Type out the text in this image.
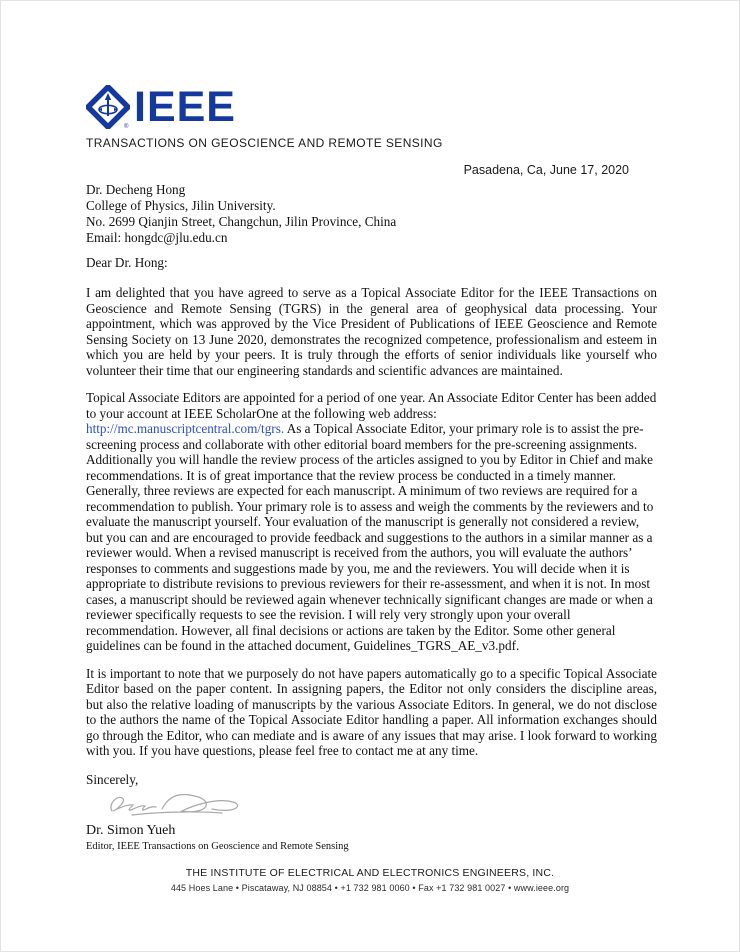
® IEEE
TRANSACTIONS ON GEOSCIENCE AND REMOTE SENSING
Pasadena, Ca, June 17, 2020
Dr. Decheng Hong
College of Physics, Jilin University.
No. 2699 Qianjin Street, Changchun, Jilin Province, China
Email: hongdc@jlu.edu.cn

Dear Dr. Hong:

I am delighted that you have agreed to serve as a Topical Associate Editor for the IEEE Transactions on Geoscience and Remote Sensing (TGRS) in the general area of geophysical data processing. Your appointment, which was approved by the Vice President of Publications of IEEE Geoscience and Remote Sensing Society on 13 June 2020, demonstrates the recognized competence, professionalism and esteem in which you are held by your peers. It is truly through the efforts of senior individuals like yourself who volunteer their time that our engineering standards and scientific advances are maintained.

Topical Associate Editors are appointed for a period of one year. An Associate Editor Center has been added to your account at IEEE ScholarOne at the following web address:
http://mc.manuscriptcentral.com/tgrs. As a Topical Associate Editor, your primary role is to assist the pre-screening process and collaborate with other editorial board members for the pre-screening assignments. Additionally you will handle the review process of the articles assigned to you by Editor in Chief and make recommendations. It is of great importance that the review process be conducted in a timely manner. Generally, three reviews are expected for each manuscript. A minimum of two reviews are required for a recommendation to publish. Your primary role is to assess and weigh the comments by the reviewers and to evaluate the manuscript yourself. Your evaluation of the manuscript is generally not considered a review, but you can and are encouraged to provide feedback and suggestions to the authors in a similar manner as a reviewer would. When a revised manuscript is received from the authors, you will evaluate the authors’ responses to comments and suggestions made by you, me and the reviewers. You will decide when it is appropriate to distribute revisions to previous reviewers for their re-assessment, and when it is not. In most cases, a manuscript should be reviewed again whenever technically significant changes are made or when a reviewer specifically requests to see the revision. I will rely very strongly upon your overall recommendation. However, all final decisions or actions are taken by the Editor. Some other general guidelines can be found in the attached document, Guidelines_TGRS_AE_v3.pdf.

It is important to note that we purposely do not have papers automatically go to a specific Topical Associate Editor based on the paper content. In assigning papers, the Editor not only considers the discipline areas, but also the relative loading of manuscripts by the various Associate Editors. In general, we do not disclose to the authors the name of the Topical Associate Editor handling a paper. All information exchanges should go through the Editor, who can mediate and is aware of any issues that may arise. I look forward to working with you. If you have questions, please feel free to contact me at any time.

Sincerely,

Dr. Simon Yueh
Editor, IEEE Transactions on Geoscience and Remote Sensing
THE INSTITUTE OF ELECTRICAL AND ELECTRONICS ENGINEERS, INC.
445 Hoes Lane • Piscataway, NJ 08854 • +1 732 981 0060 • Fax +1 732 981 0027 • www.ieee.org
